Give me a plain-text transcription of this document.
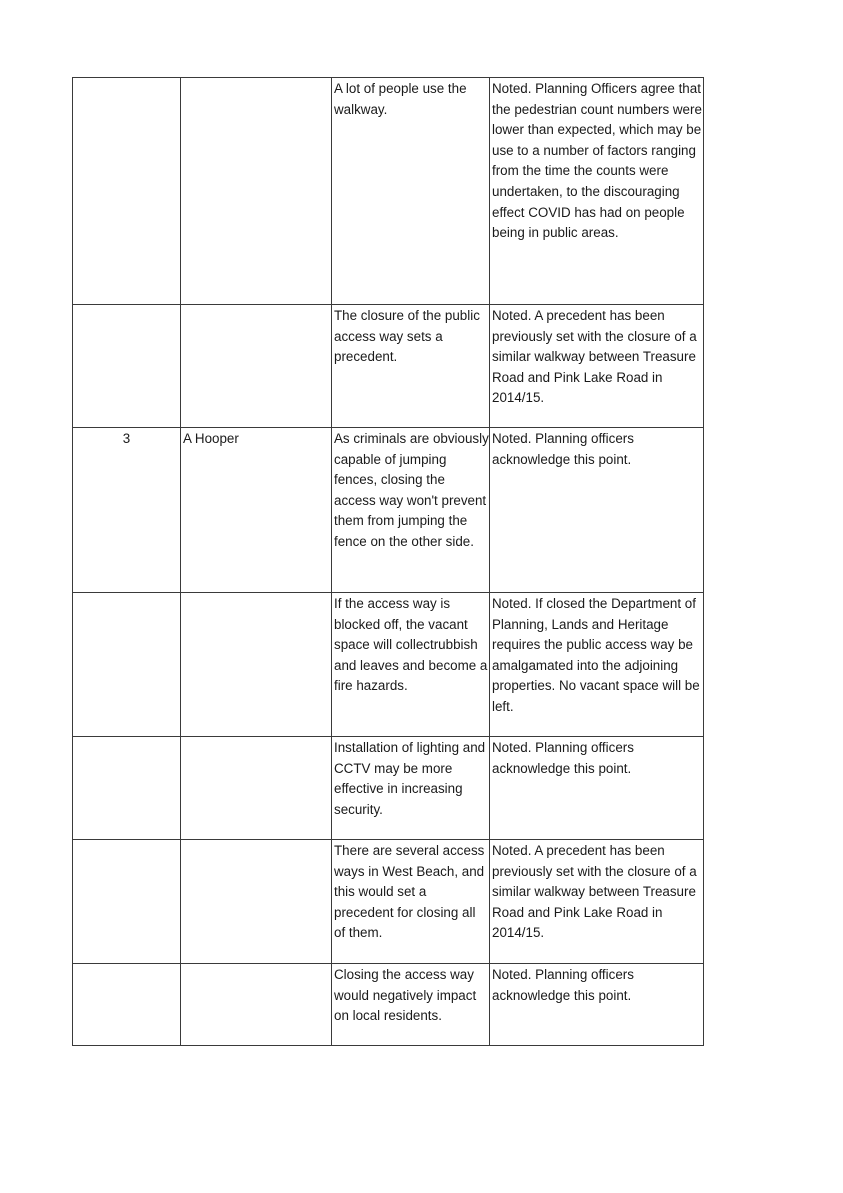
		A lot of people use the walkway.	Noted. Planning Officers agree that the pedestrian count numbers were lower than expected, which may be use to a number of factors ranging from the time the counts were undertaken, to the discouraging effect COVID has had on people being in public areas.
		The closure of the public access way sets a precedent.	Noted. A precedent has been previously set with the closure of a similar walkway between Treasure Road and Pink Lake Road in 2014/15.
3	A Hooper	As criminals are obviously capable of jumping fences, closing the access way won't prevent them from jumping the fence on the other side.	Noted. Planning officers acknowledge this point.
		If the access way is blocked off, the vacant space will collectrubbish and leaves and become a fire hazards.	Noted. If closed the Department of Planning, Lands and Heritage requires the public access way be amalgamated into the adjoining properties. No vacant space will be left.
		Installation of lighting and CCTV may be more effective in increasing security.	Noted. Planning officers acknowledge this point.
		There are several access ways in West Beach, and this would set a precedent for closing all of them.	Noted. A precedent has been previously set with the closure of a similar walkway between Treasure Road and Pink Lake Road in 2014/15.
		Closing the access way would negatively impact on local residents.	Noted. Planning officers acknowledge this point.
